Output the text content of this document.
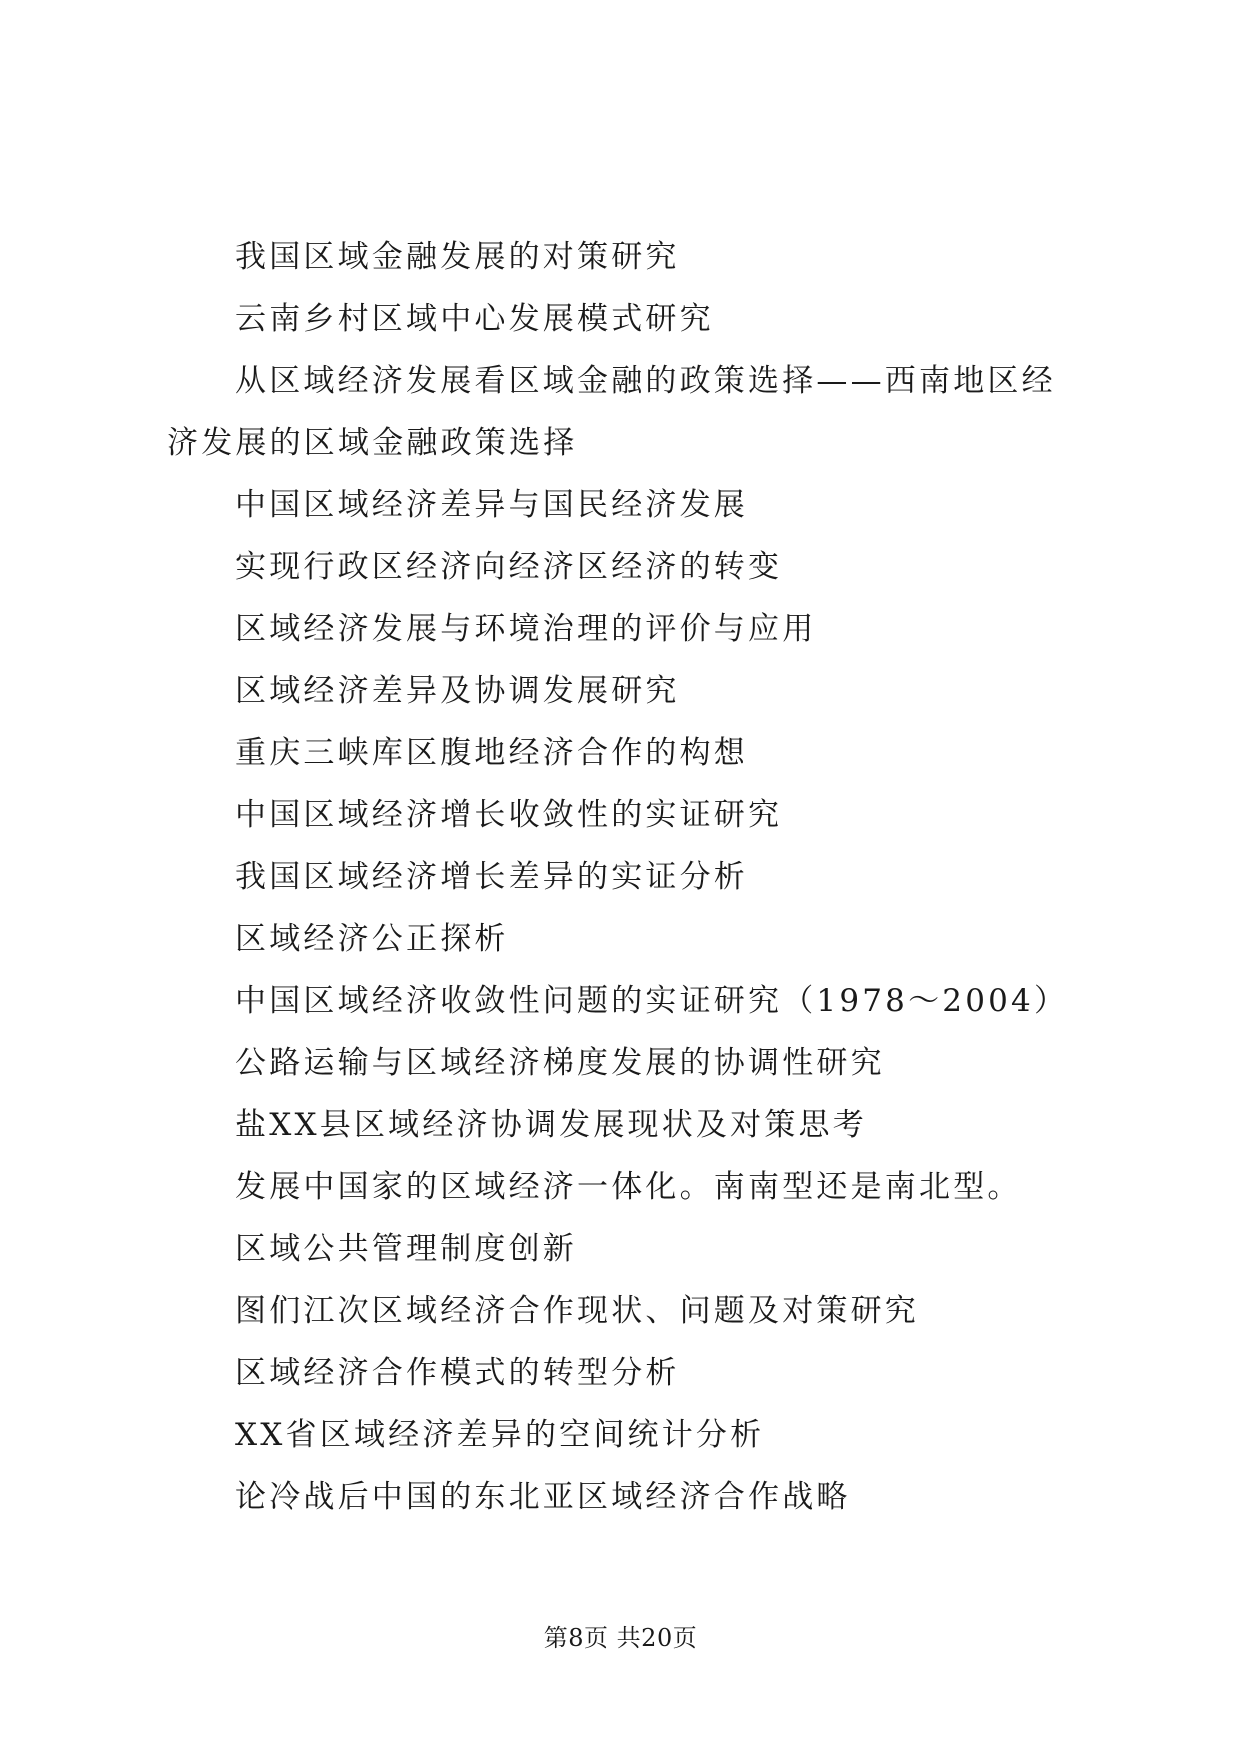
我国区域金融发展的对策研究

云南乡村区域中心发展模式研究

从区域经济发展看区域金融的政策选择——西南地区经济发展的区域金融政策选择

中国区域经济差异与国民经济发展

实现行政区经济向经济区经济的转变

区域经济发展与环境治理的评价与应用

区域经济差异及协调发展研究

重庆三峡库区腹地经济合作的构想

中国区域经济增长收敛性的实证研究

我国区域经济增长差异的实证分析

区域经济公正探析

中国区域经济收敛性问题的实证研究（1978～2004）

公路运输与区域经济梯度发展的协调性研究

盐XX县区域经济协调发展现状及对策思考

发展中国家的区域经济一体化。南南型还是南北型。

区域公共管理制度创新

图们江次区域经济合作现状、问题及对策研究

区域经济合作模式的转型分析

XX省区域经济差异的空间统计分析

论冷战后中国的东北亚区域经济合作战略

第8页 共20页
